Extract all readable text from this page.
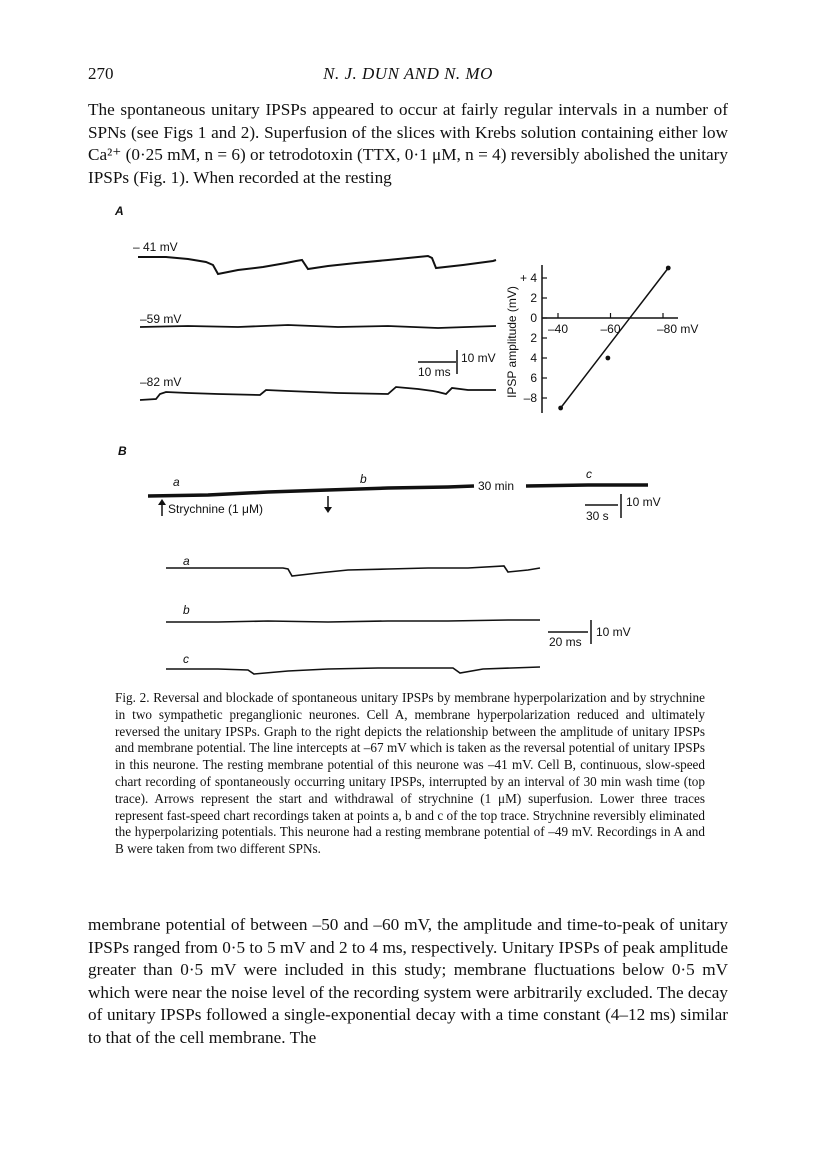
270	N. J. DUN AND N. MO
The spontaneous unitary IPSPs appeared to occur at fairly regular intervals in a number of SPNs (see Figs 1 and 2). Superfusion of the slices with Krebs solution containing either low Ca²⁺ (0·25 mM, n = 6) or tetrodotoxin (TTX, 0·1 μM, n = 4) reversibly abolished the unitary IPSPs (Fig. 1). When recorded at the resting
A
– 41 mV
–59 mV
–82 mV
10 ms
10 mV IPSP amplitude (mV)
+ 4
2
0
2
4
6
–8
–40	–60	–80 mV
B
a	b	c
30 min
Strychnine (1 μM)	30 s
10 mV
a
b
c
20 ms
10 mV
Fig. 2. Reversal and blockade of spontaneous unitary IPSPs by membrane hyperpolarization and by strychnine in two sympathetic preganglionic neurones. Cell A, membrane hyperpolarization reduced and ultimately reversed the unitary IPSPs. Graph to the right depicts the relationship between the amplitude of unitary IPSPs and membrane potential. The line intercepts at –67 mV which is taken as the reversal potential of unitary IPSPs in this neurone. The resting membrane potential of this neurone was –41 mV. Cell B, continuous, slow-speed chart recording of spontaneously occurring unitary IPSPs, interrupted by an interval of 30 min wash time (top trace). Arrows represent the start and withdrawal of strychnine (1 μM) superfusion. Lower three traces represent fast-speed chart recordings taken at points a, b and c of the top trace. Strychnine reversibly eliminated the hyperpolarizing potentials. This neurone had a resting membrane potential of –49 mV. Recordings in A and B were taken from two different SPNs.
membrane potential of between –50 and –60 mV, the amplitude and time-to-peak of unitary IPSPs ranged from 0·5 to 5 mV and 2 to 4 ms, respectively. Unitary IPSPs of peak amplitude greater than 0·5 mV were included in this study; membrane fluctuations below 0·5 mV which were near the noise level of the recording system were arbitrarily excluded. The decay of unitary IPSPs followed a single-exponential decay with a time constant (4–12 ms) similar to that of the cell membrane. The
